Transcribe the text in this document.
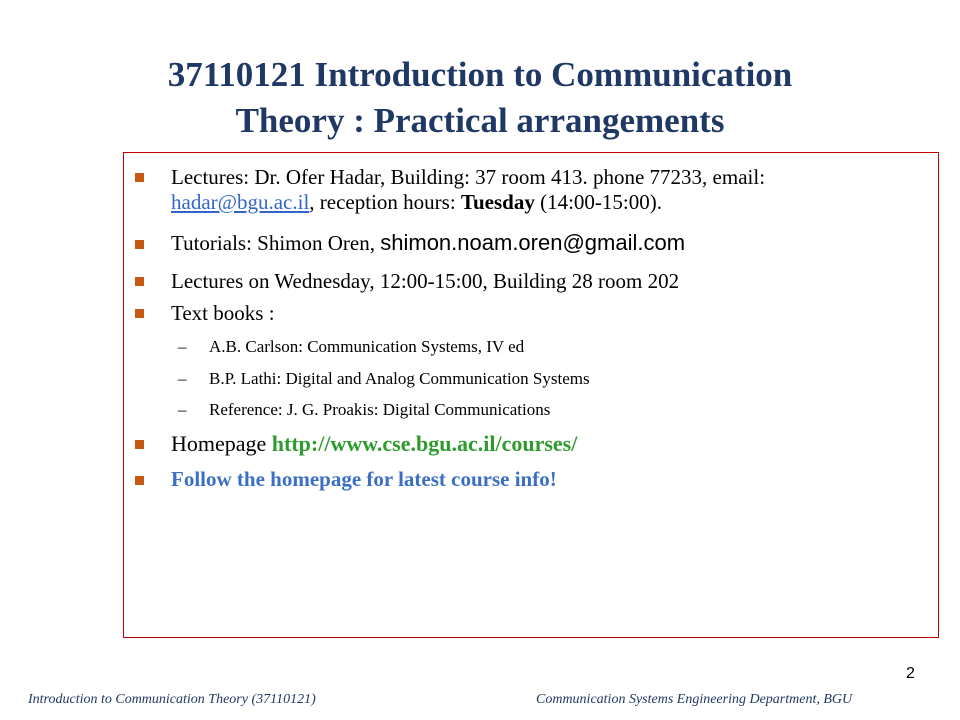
37110121 Introduction to Communication
Theory : Practical arrangements
Lectures: Dr. Ofer Hadar, Building: 37 room 413. phone 77233, email:
hadar@bgu.ac.il, reception hours: Tuesday (14:00-15:00).
Tutorials: Shimon Oren, shimon.noam.oren@gmail.com
Lectures on Wednesday, 12:00-15:00, Building 28 room 202
Text books :
– A.B. Carlson: Communication Systems, IV ed
– B.P. Lathi: Digital and Analog Communication Systems
– Reference: J. G. Proakis: Digital Communications
Homepage http://www.cse.bgu.ac.il/courses/
Follow the homepage for latest course info!
2
Introduction to Communication Theory (37110121)	Communication Systems Engineering Department, BGU
